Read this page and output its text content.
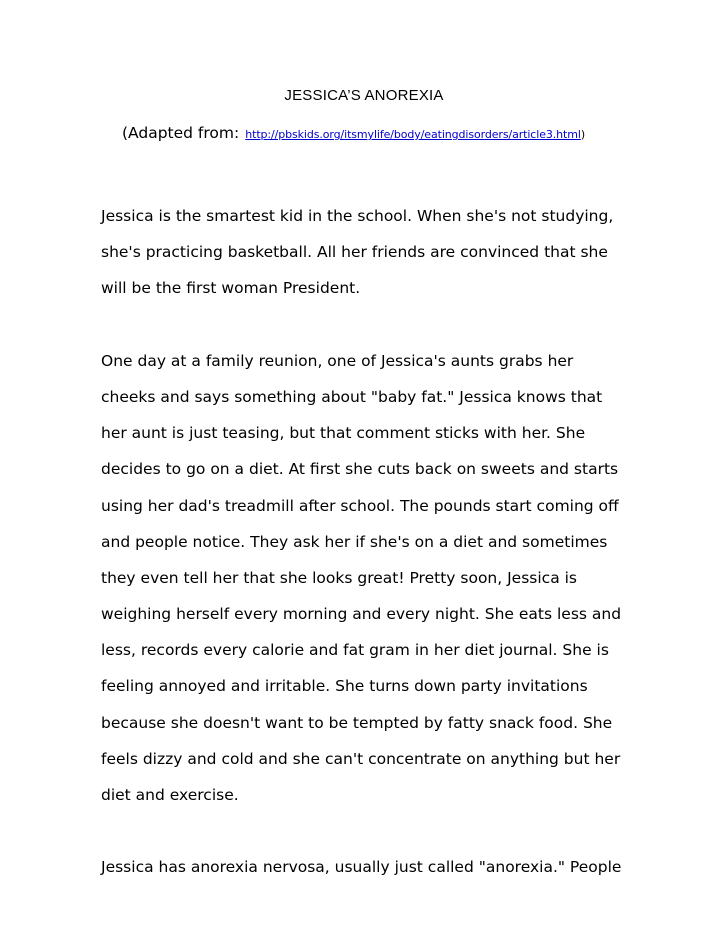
JESSICA’S ANOREXIA
(Adapted from: http://pbskids.org/itsmylife/body/eatingdisorders/article3.html)
Jessica is the smartest kid in the school. When she's not studying,
she's practicing basketball. All her friends are convinced that she
will be the first woman President.
One day at a family reunion, one of Jessica's aunts grabs her
cheeks and says something about "baby fat." Jessica knows that
her aunt is just teasing, but that comment sticks with her. She
decides to go on a diet. At first she cuts back on sweets and starts
using her dad's treadmill after school. The pounds start coming off
and people notice. They ask her if she's on a diet and sometimes
they even tell her that she looks great! Pretty soon, Jessica is
weighing herself every morning and every night. She eats less and
less, records every calorie and fat gram in her diet journal. She is
feeling annoyed and irritable. She turns down party invitations
because she doesn't want to be tempted by fatty snack food. She
feels dizzy and cold and she can't concentrate on anything but her
diet and exercise.
Jessica has anorexia nervosa, usually just called "anorexia." People
